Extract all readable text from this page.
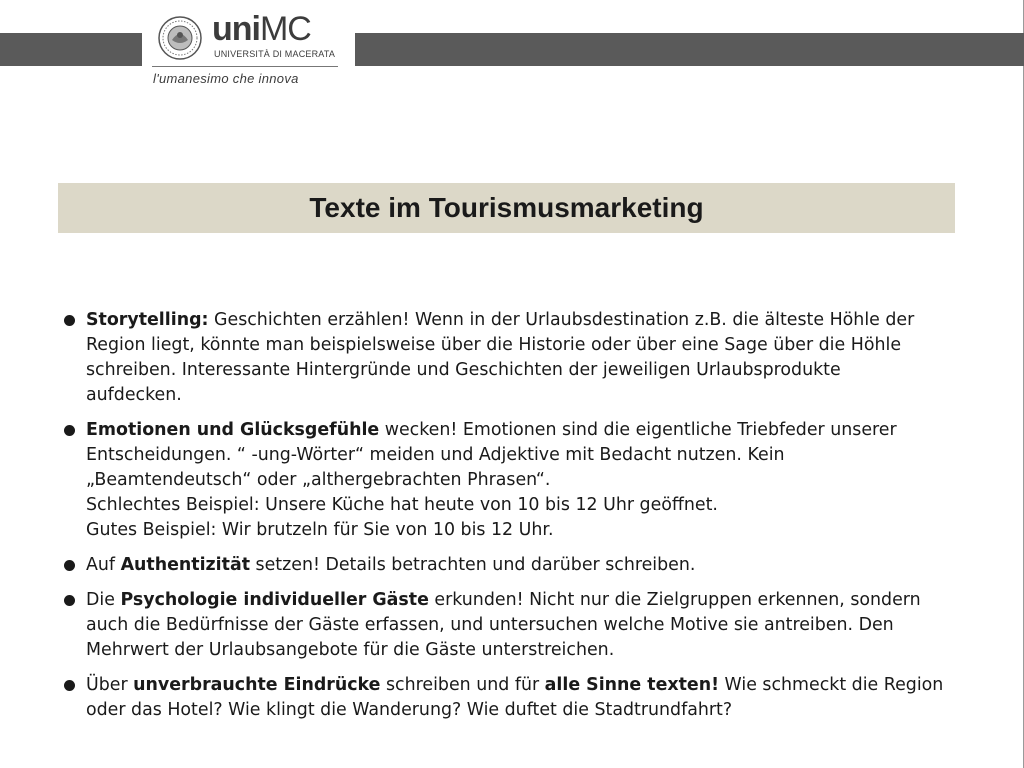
uniMC
UNIVERSITÀ DI MACERATA
l'umanesimo che innova
Texte im Tourismusmarketing
Storytelling: Geschichten erzählen! Wenn in der Urlaubsdestination z.B. die älteste Höhle der
Region liegt, könnte man beispielsweise über die Historie oder über eine Sage über die Höhle
schreiben. Interessante Hintergründe und Geschichten der jeweiligen Urlaubsprodukte
aufdecken.
Emotionen und Glücksgefühle wecken! Emotionen sind die eigentliche Triebfeder unserer
Entscheidungen. “ -ung-Wörter“ meiden und Adjektive mit Bedacht nutzen. Kein
„Beamtendeutsch“ oder „althergebrachten Phrasen“.
Schlechtes Beispiel: Unsere Küche hat heute von 10 bis 12 Uhr geöffnet.
Gutes Beispiel: Wir brutzeln für Sie von 10 bis 12 Uhr.
Auf Authentizität setzen! Details betrachten und darüber schreiben.
Die Psychologie individueller Gäste erkunden! Nicht nur die Zielgruppen erkennen, sondern
auch die Bedürfnisse der Gäste erfassen, und untersuchen welche Motive sie antreiben. Den
Mehrwert der Urlaubsangebote für die Gäste unterstreichen.
Über unverbrauchte Eindrücke schreiben und für alle Sinne texten! Wie schmeckt die Region
oder das Hotel? Wie klingt die Wanderung? Wie duftet die Stadtrundfahrt?
